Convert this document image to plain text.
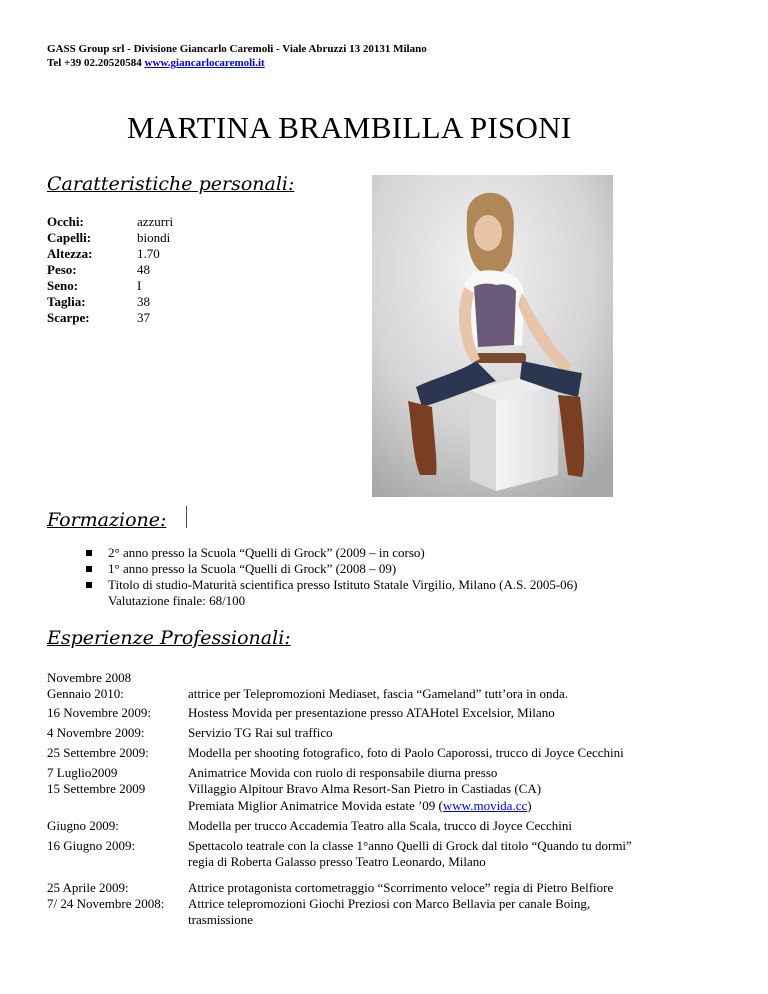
GASS Group srl - Divisione Giancarlo Caremoli - Viale Abruzzi 13 20131 Milano
Tel +39 02.20520584 www.giancarlocaremoli.it
MARTINA BRAMBILLA PISONI
Caratteristiche personali:
Occhi:	azzurri
Capelli:	biondi
Altezza:	1.70
Peso:	48
Seno:	I
Taglia:	38
Scarpe:	37
Formazione:
2° anno presso la Scuola “Quelli di Grock” (2009 – in corso)
1° anno presso la Scuola “Quelli di Grock” (2008 – 09)
Titolo di studio-Maturità scientifica presso Istituto Statale Virgilio, Milano (A.S. 2005-06)
Valutazione finale: 68/100
Esperienze Professionali:
Novembre 2008
Gennaio 2010:	attrice per Telepromozioni Mediaset, fascia “Gameland” tutt’ora in onda.
16 Novembre 2009:	Hostess Movida per presentazione presso ATAHotel Excelsior, Milano
4 Novembre 2009:	Servizio TG Rai sul traffico
25 Settembre 2009:	Modella per shooting fotografico, foto di Paolo Caporossi, trucco di Joyce Cecchini
7 Luglio2009	Animatrice Movida con ruolo di responsabile diurna presso
15 Settembre 2009	Villaggio Alpitour Bravo Alma Resort-San Pietro in Castiadas (CA)
Premiata Miglior Animatrice Movida estate ’09 (www.movida.cc)
Giugno 2009:	Modella per trucco Accademia Teatro alla Scala, trucco di Joyce Cecchini
16 Giugno 2009:	Spettacolo teatrale con la classe 1°anno Quelli di Grock dal titolo “Quando tu dormi”
regia di Roberta Galasso presso Teatro Leonardo, Milano
25 Aprile 2009:	Attrice protagonista cortometraggio “Scorrimento veloce” regia di Pietro Belfiore
7/ 24 Novembre 2008: Attrice telepromozioni Giochi Preziosi con Marco Bellavia per canale Boing,
trasmissione
